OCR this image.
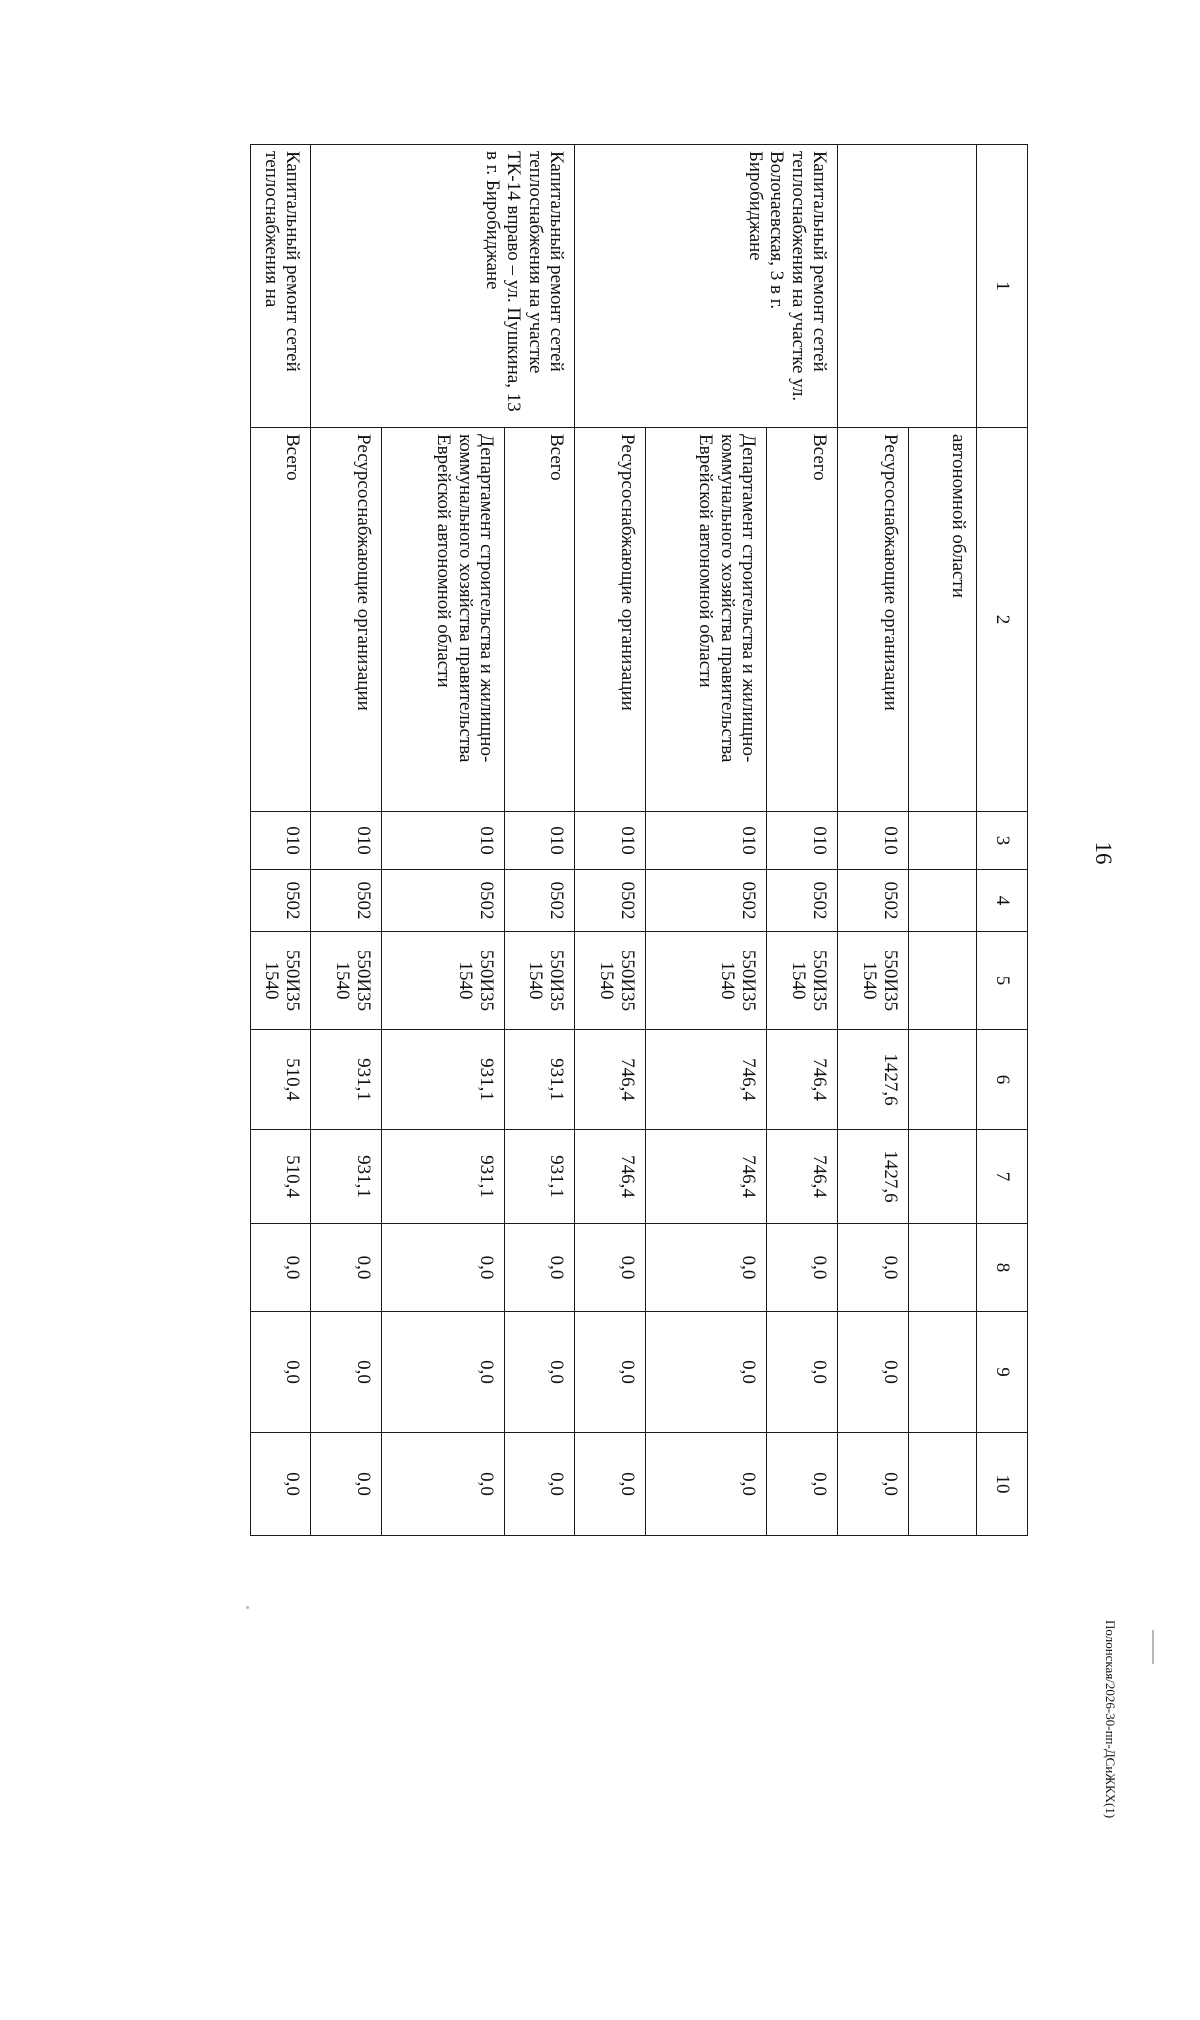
16
1	2	3	4	5	6	7	8	9	10
	автономной области								
	Ресурсоснабжающие организации	010	0502	550И35 1540	1427,6	1427,6	0,0	0,0	0,0
Капитальный ремонт сетей теплоснабжения на участке ул. Волочаевская, 3 в г. Биробиджане	Всего	010	0502	550И35 1540	746,4	746,4	0,0	0,0	0,0
	Департамент строительства и жилищно-коммунального хозяйства правительства Еврейской автономной области	010	0502	550И35 1540	746,4	746,4	0,0	0,0	0,0
	Ресурсоснабжающие организации	010	0502	550И35 1540	746,4	746,4	0,0	0,0	0,0
Капитальный ремонт сетей теплоснабжения на участке ТК-14 вправо – ул. Пушкина, 13 в г. Биробиджане	Всего	010	0502	550И35 1540	931,1	931,1	0,0	0,0	0,0
	Департамент строительства и жилищно-коммунального хозяйства правительства Еврейской автономной области	010	0502	550И35 1540	931,1	931,1	0,0	0,0	0,0
	Ресурсоснабжающие организации	010	0502	550И35 1540	931,1	931,1	0,0	0,0	0,0
Капитальный ремонт сетей теплоснабжения на	Всего	010	0502	550И35 1540	510,4	510,4	0,0	0,0	0,0
Полонская/2026-30-пп-ДСиЖКХ(1)
